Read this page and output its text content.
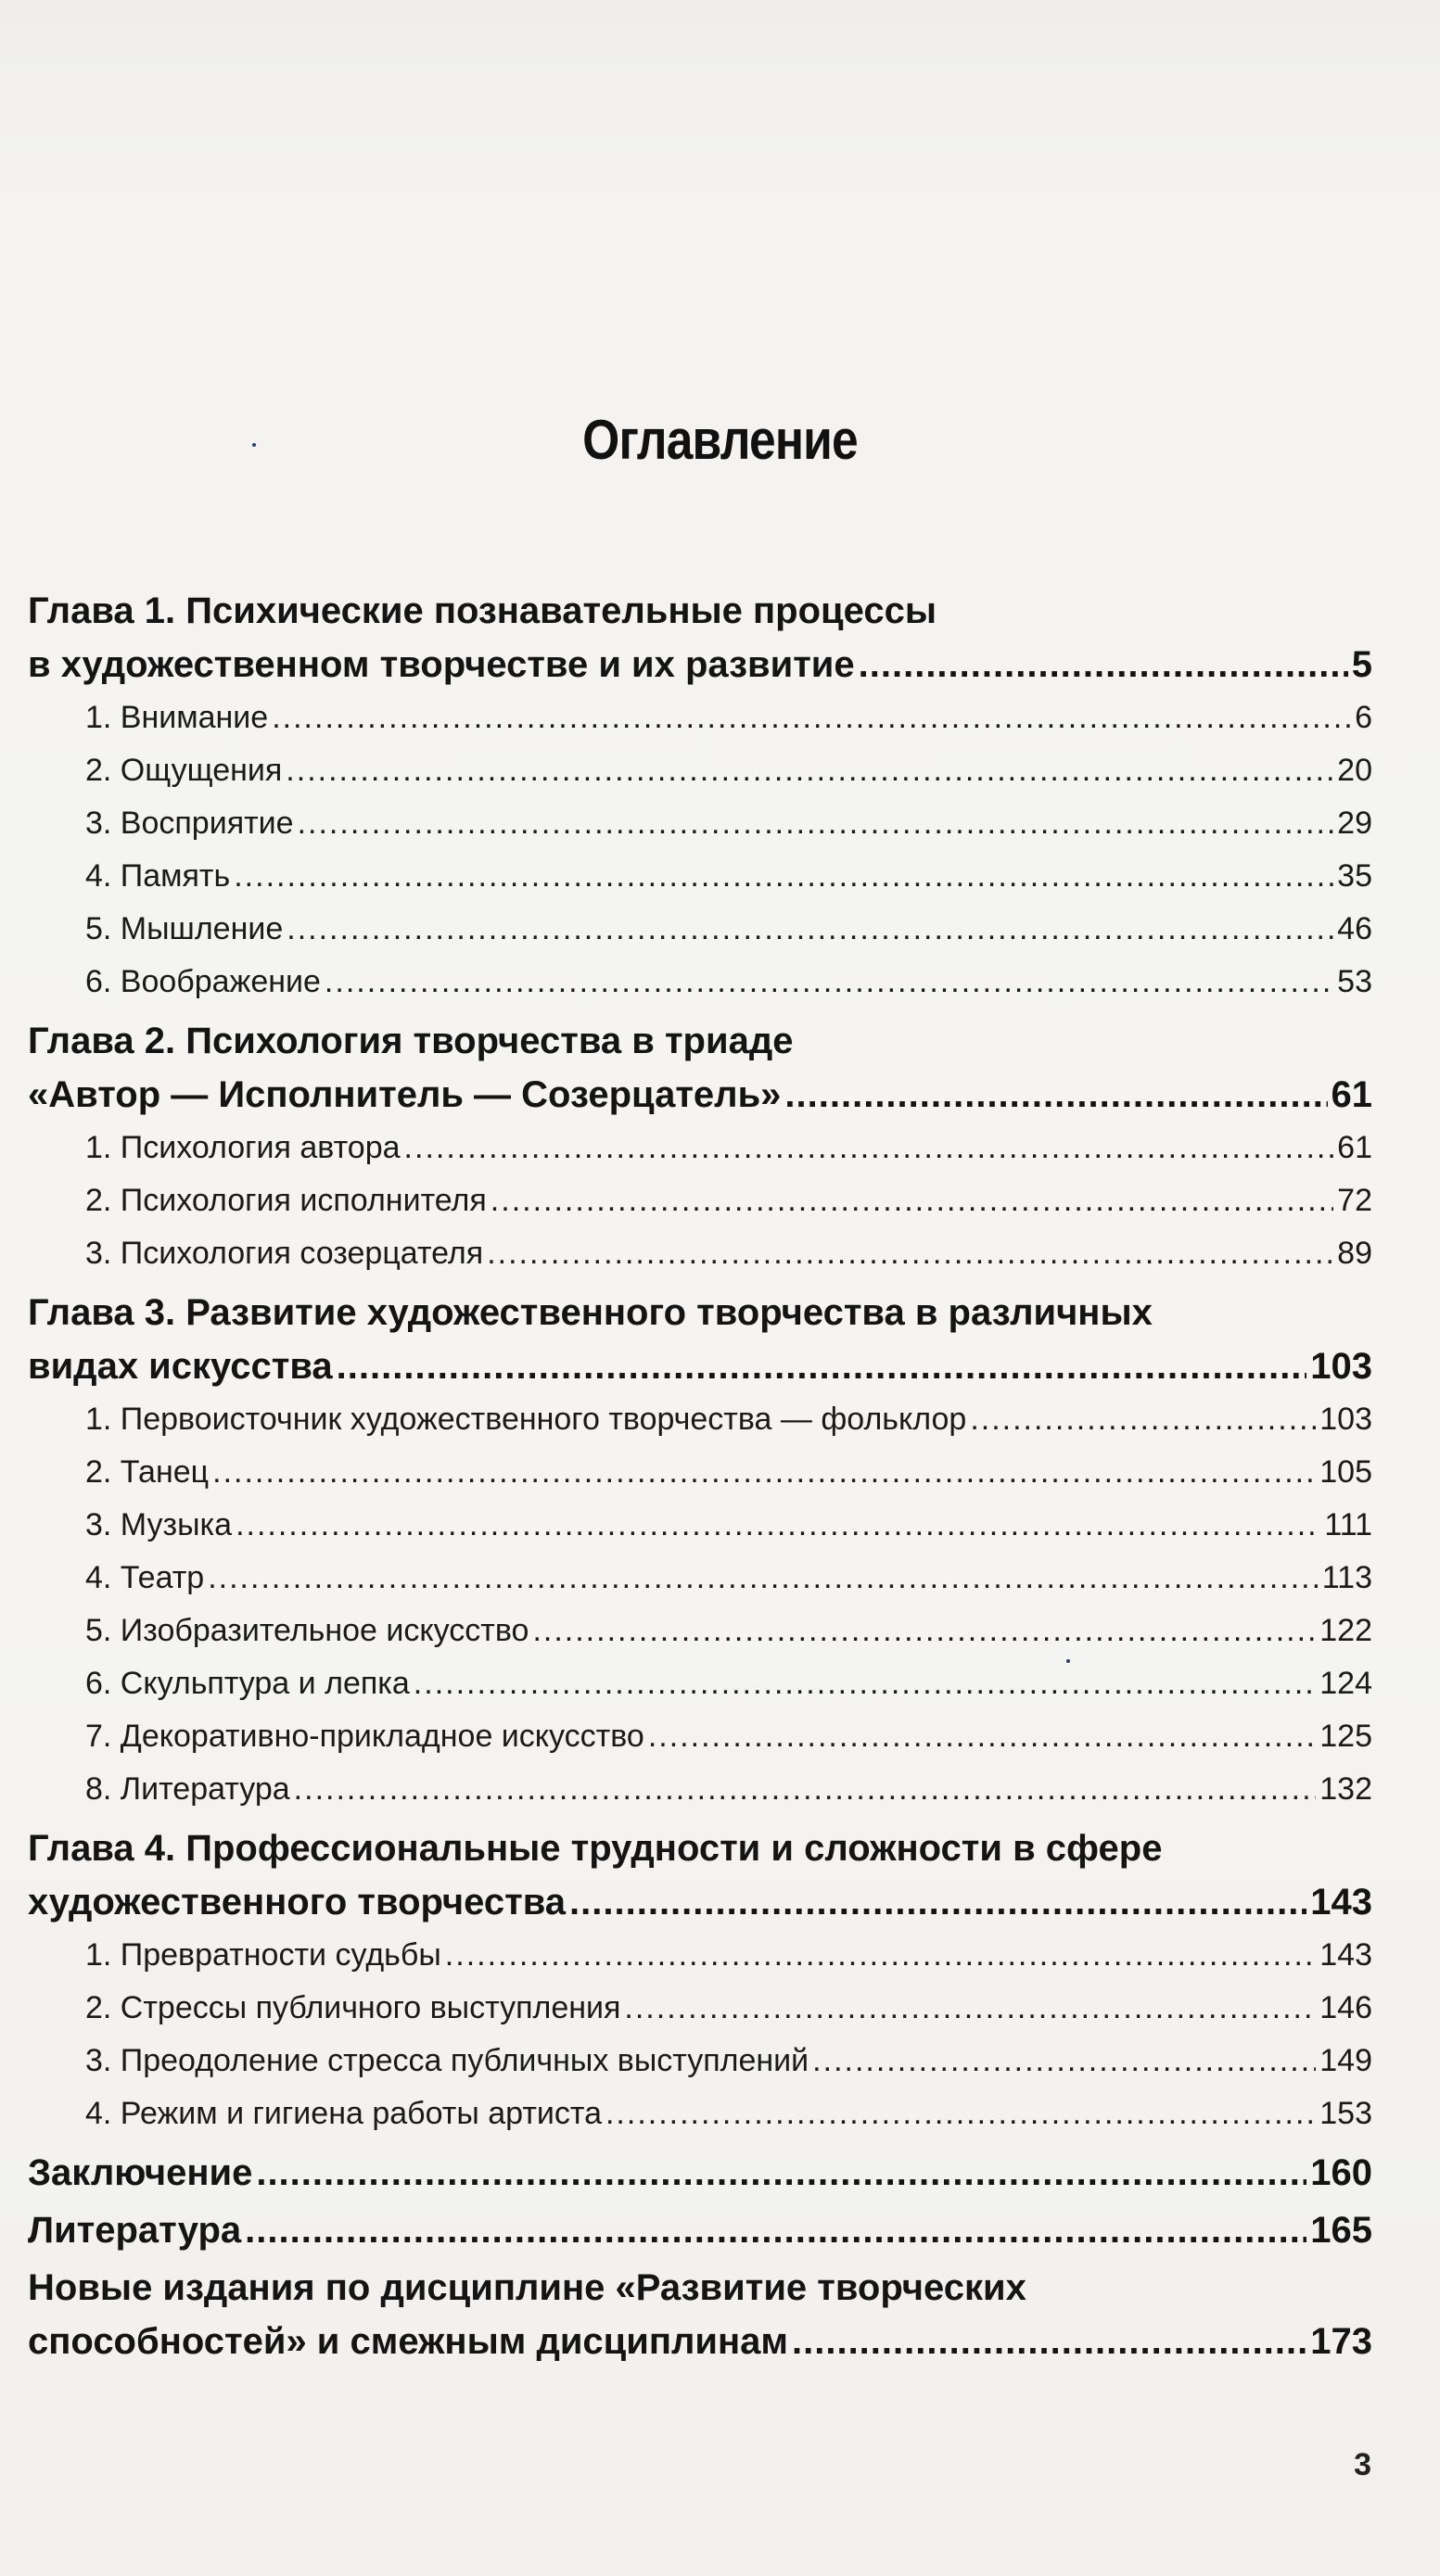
Оглавление
Глава 1. Психические познавательные процессы
в художественном творчестве и их развитие .....	5
1. Внимание .....	6
2. Ощущения .....	20
3. Восприятие .....	29
4. Память .....	35
5. Мышление .....	46
6. Воображение .....	53
Глава 2. Психология творчества в триаде
«Автор — Исполнитель — Созерцатель» .....	61
1. Психология автора .....	61
2. Психология исполнителя .....	72
3. Психология созерцателя .....	89
Глава 3. Развитие художественного творчества в различных
видах искусства .....	103
1. Первоисточник художественного творчества — фольклор .....	103
2. Танец .....	105
3. Музыка .....	111
4. Театр .....	113
5. Изобразительное искусство .....	122
6. Скульптура и лепка .....	124
7. Декоративно-прикладное искусство .....	125
8. Литература .....	132
Глава 4. Профессиональные трудности и сложности в сфере
художественного творчества .....	143
1. Превратности судьбы .....	143
2. Стрессы публичного выступления .....	146
3. Преодоление стресса публичных выступлений .....	149
4. Режим и гигиена работы артиста .....	153
Заключение .....	160
Литература .....	165
Новые издания по дисциплине «Развитие творческих
способностей» и смежным дисциплинам .....	173
3
